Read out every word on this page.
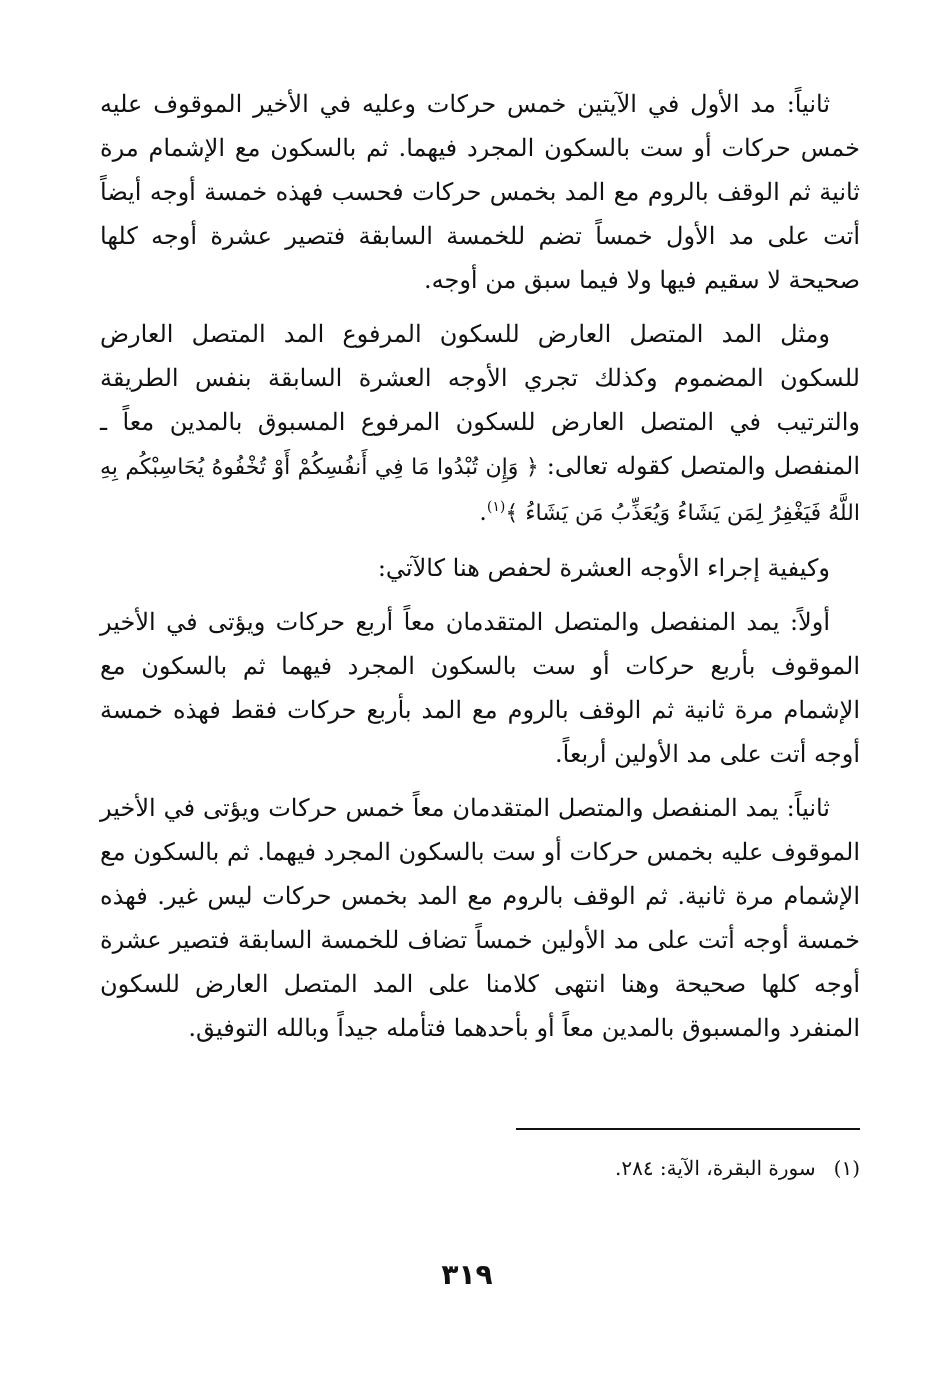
ثانياً: مد الأول في الآيتين خمس حركات وعليه في الأخير الموقوف عليه خمس حركات أو ست بالسكون المجرد فيهما. ثم بالسكون مع الإشمام مرة ثانية ثم الوقف بالروم مع المد بخمس حركات فحسب فهذه خمسة أوجه أيضاً أتت على مد الأول خمساً تضم للخمسة السابقة فتصير عشرة أوجه كلها صحيحة لا سقيم فيها ولا فيما سبق من أوجه.

ومثل المد المتصل العارض للسكون المرفوع المد المتصل العارض للسكون المضموم وكذلك تجري الأوجه العشرة السابقة بنفس الطريقة والترتيب في المتصل العارض للسكون المرفوع المسبوق بالمدين معاً ـ المنفصل والمتصل كقوله تعالى: ﴿ وَإِن تُبْدُوا مَا فِي أَنفُسِكُمْ أَوْ تُخْفُوهُ يُحَاسِبْكُم بِهِ اللَّهُ فَيَغْفِرُ لِمَن يَشَاءُ وَيُعَذِّبُ مَن يَشَاءُ ﴾$^{(١)}$.

وكيفية إجراء الأوجه العشرة لحفص هنا كالآتي:

أولاً: يمد المنفصل والمتصل المتقدمان معاً أربع حركات ويؤتى في الأخير الموقوف بأربع حركات أو ست بالسكون المجرد فيهما ثم بالسكون مع الإشمام مرة ثانية ثم الوقف بالروم مع المد بأربع حركات فقط فهذه خمسة أوجه أتت على مد الأولين أربعاً.

ثانياً: يمد المنفصل والمتصل المتقدمان معاً خمس حركات ويؤتى في الأخير الموقوف عليه بخمس حركات أو ست بالسكون المجرد فيهما. ثم بالسكون مع الإشمام مرة ثانية. ثم الوقف بالروم مع المد بخمس حركات ليس غير. فهذه خمسة أوجه أتت على مد الأولين خمساً تضاف للخمسة السابقة فتصير عشرة أوجه كلها صحيحة وهنا انتهى كلامنا على المد المتصل العارض للسكون المنفرد والمسبوق بالمدين معاً أو بأحدهما فتأمله جيداً وبالله التوفيق.

(١)سورة البقرة، الآية: ٢٨٤.
٣١٩
